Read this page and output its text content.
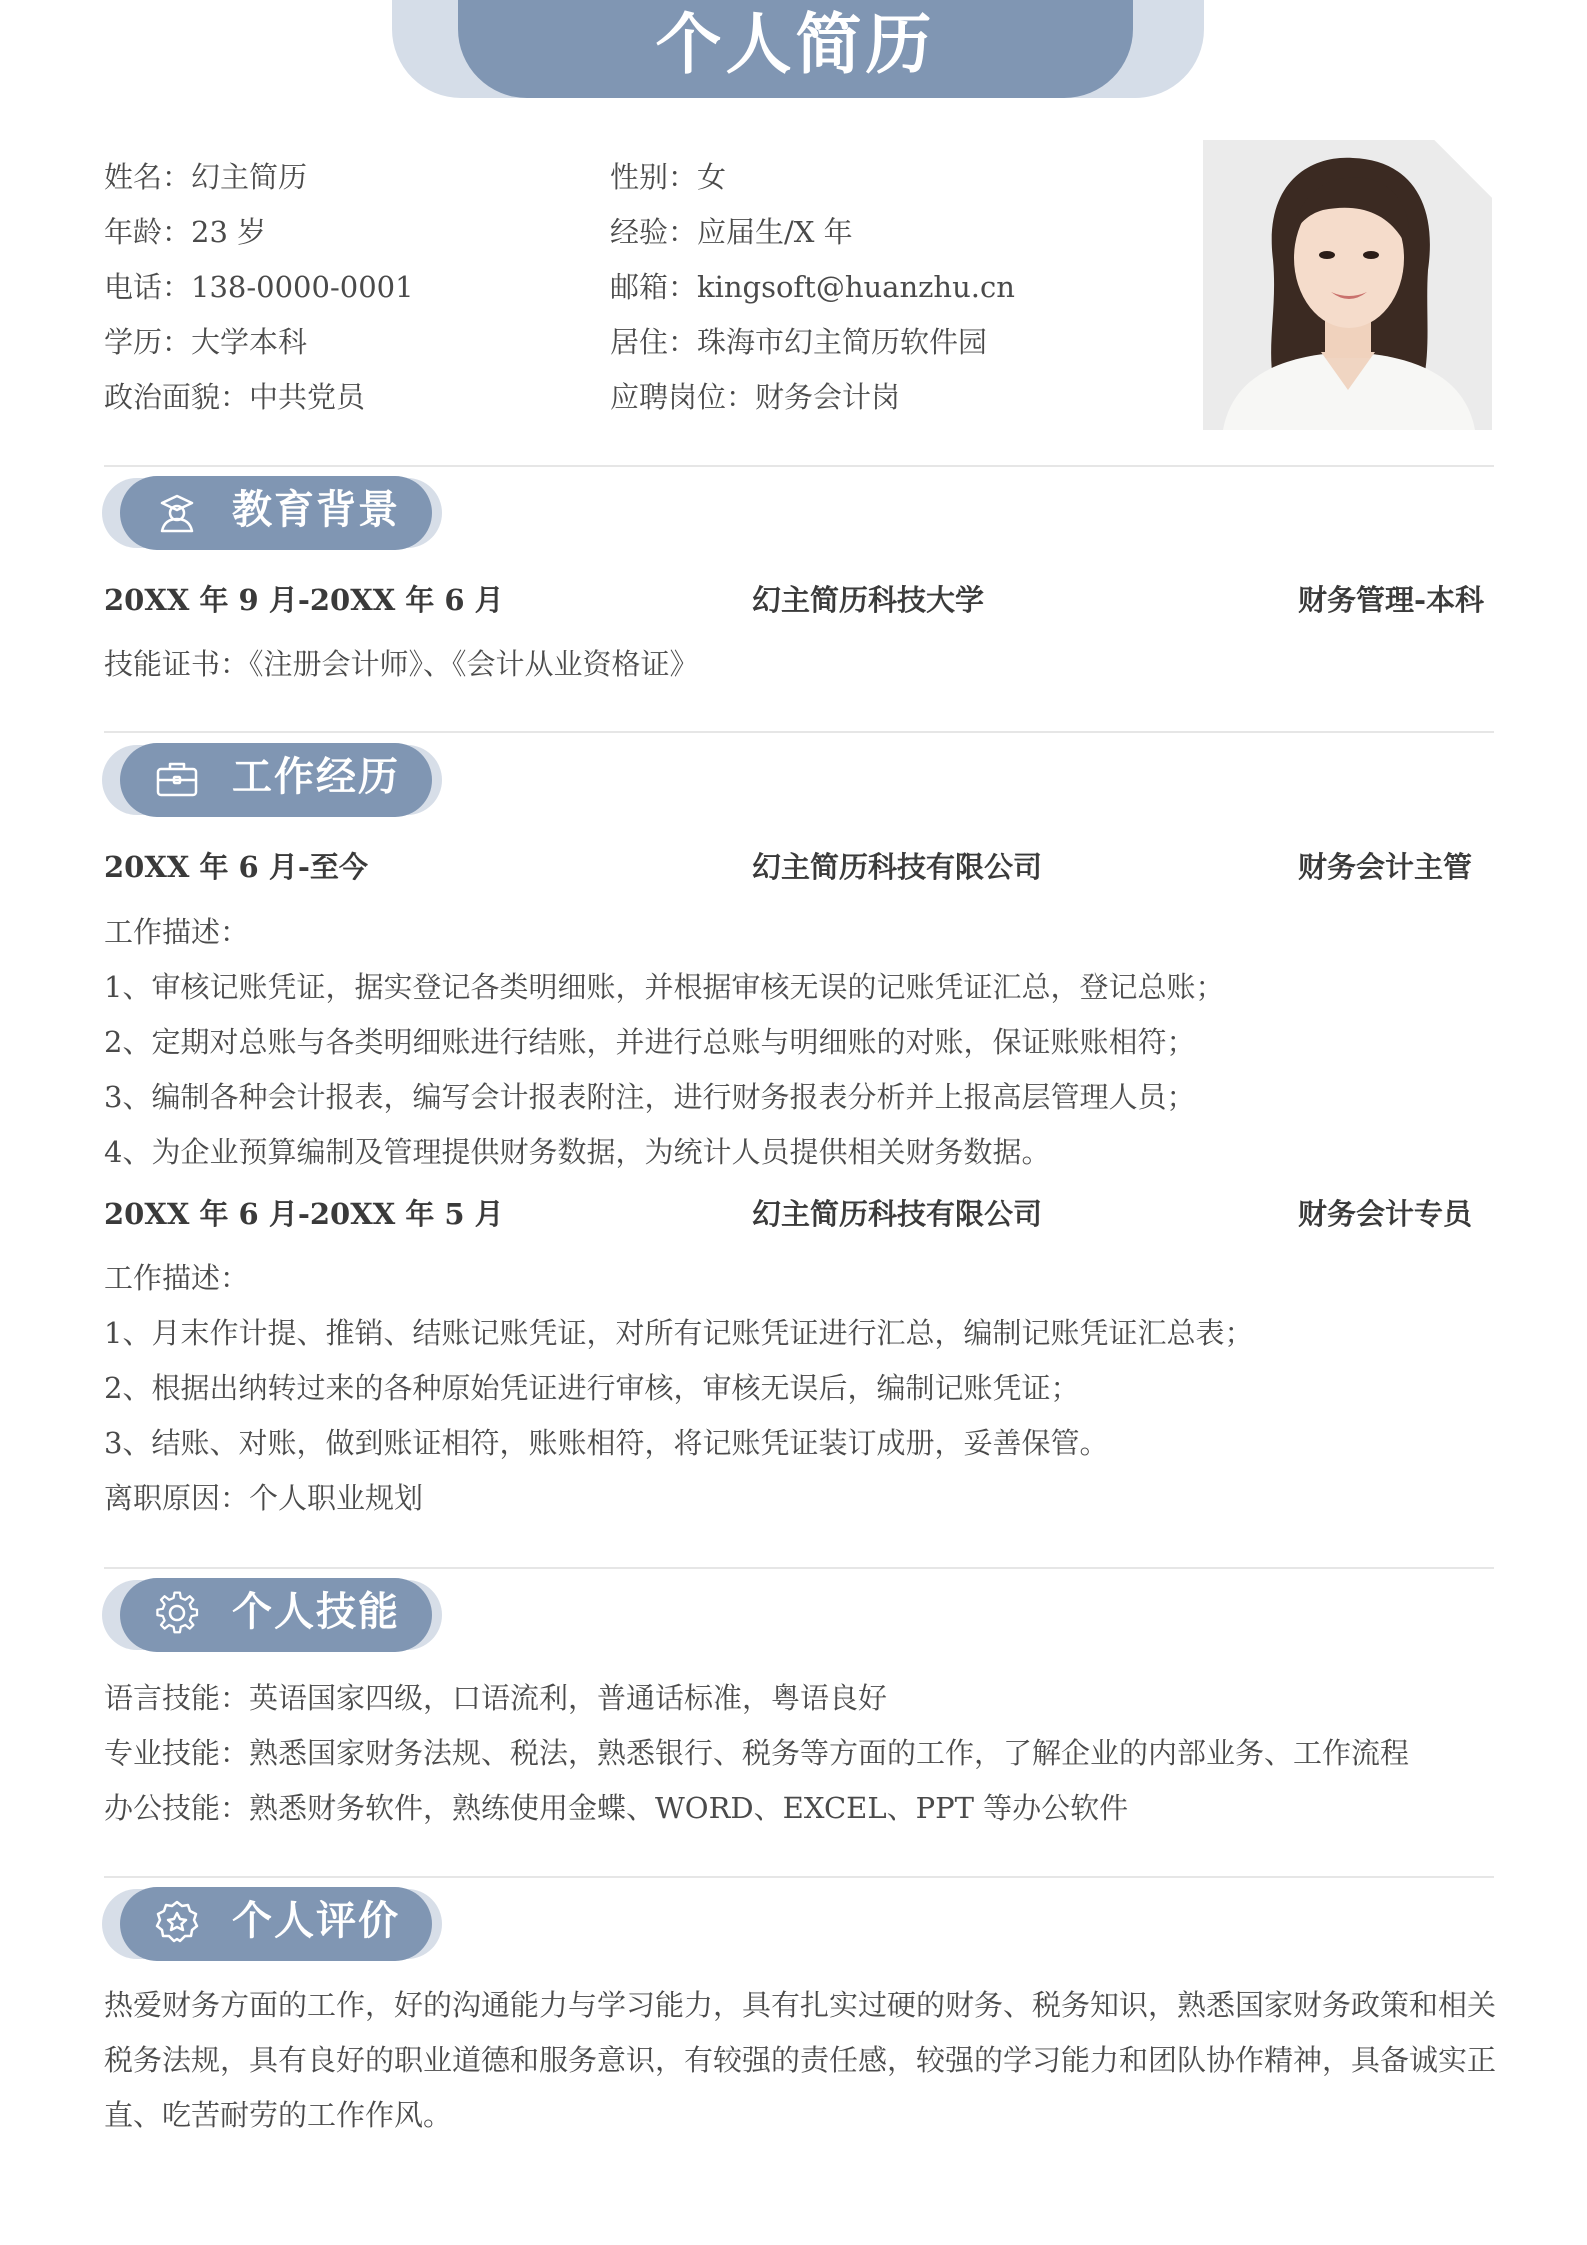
个人简历
姓名：幻主简历	性别：女
年龄：23 岁	经验：应届生/X 年
电话：138-0000-0001	邮箱：kingsoft@huanzhu.cn
学历：大学本科	居住：珠海市幻主简历软件园
政治面貌：中共党员	应聘岗位：财务会计岗
教育背景
20XX 年 9 月-20XX 年 6 月	幻主简历科技大学	财务管理-本科
技能证书：《注册会计师》、《会计从业资格证》
工作经历
20XX 年 6 月-至今	幻主简历科技有限公司	财务会计主管
工作描述：
1、审核记账凭证，据实登记各类明细账，并根据审核无误的记账凭证汇总，登记总账；
2、定期对总账与各类明细账进行结账，并进行总账与明细账的对账，保证账账相符；
3、编制各种会计报表，编写会计报表附注，进行财务报表分析并上报高层管理人员；
4、为企业预算编制及管理提供财务数据，为统计人员提供相关财务数据。
20XX 年 6 月-20XX 年 5 月	幻主简历科技有限公司	财务会计专员
工作描述：
1、月末作计提、推销、结账记账凭证，对所有记账凭证进行汇总，编制记账凭证汇总表；
2、根据出纳转过来的各种原始凭证进行审核，审核无误后，编制记账凭证；
3、结账、对账，做到账证相符，账账相符，将记账凭证装订成册，妥善保管。
离职原因：个人职业规划
个人技能
语言技能：英语国家四级，口语流利，普通话标准，粤语良好
专业技能：熟悉国家财务法规、税法，熟悉银行、税务等方面的工作，了解企业的内部业务、工作流程
办公技能：熟悉财务软件，熟练使用金蝶、WORD、EXCEL、PPT 等办公软件
个人评价
热爱财务方面的工作，好的沟通能力与学习能力，具有扎实过硬的财务、税务知识，熟悉国家财务政策和相关税务法规，具有良好的职业道德和服务意识，有较强的责任感，较强的学习能力和团队协作精神，具备诚实正直、吃苦耐劳的工作作风。
